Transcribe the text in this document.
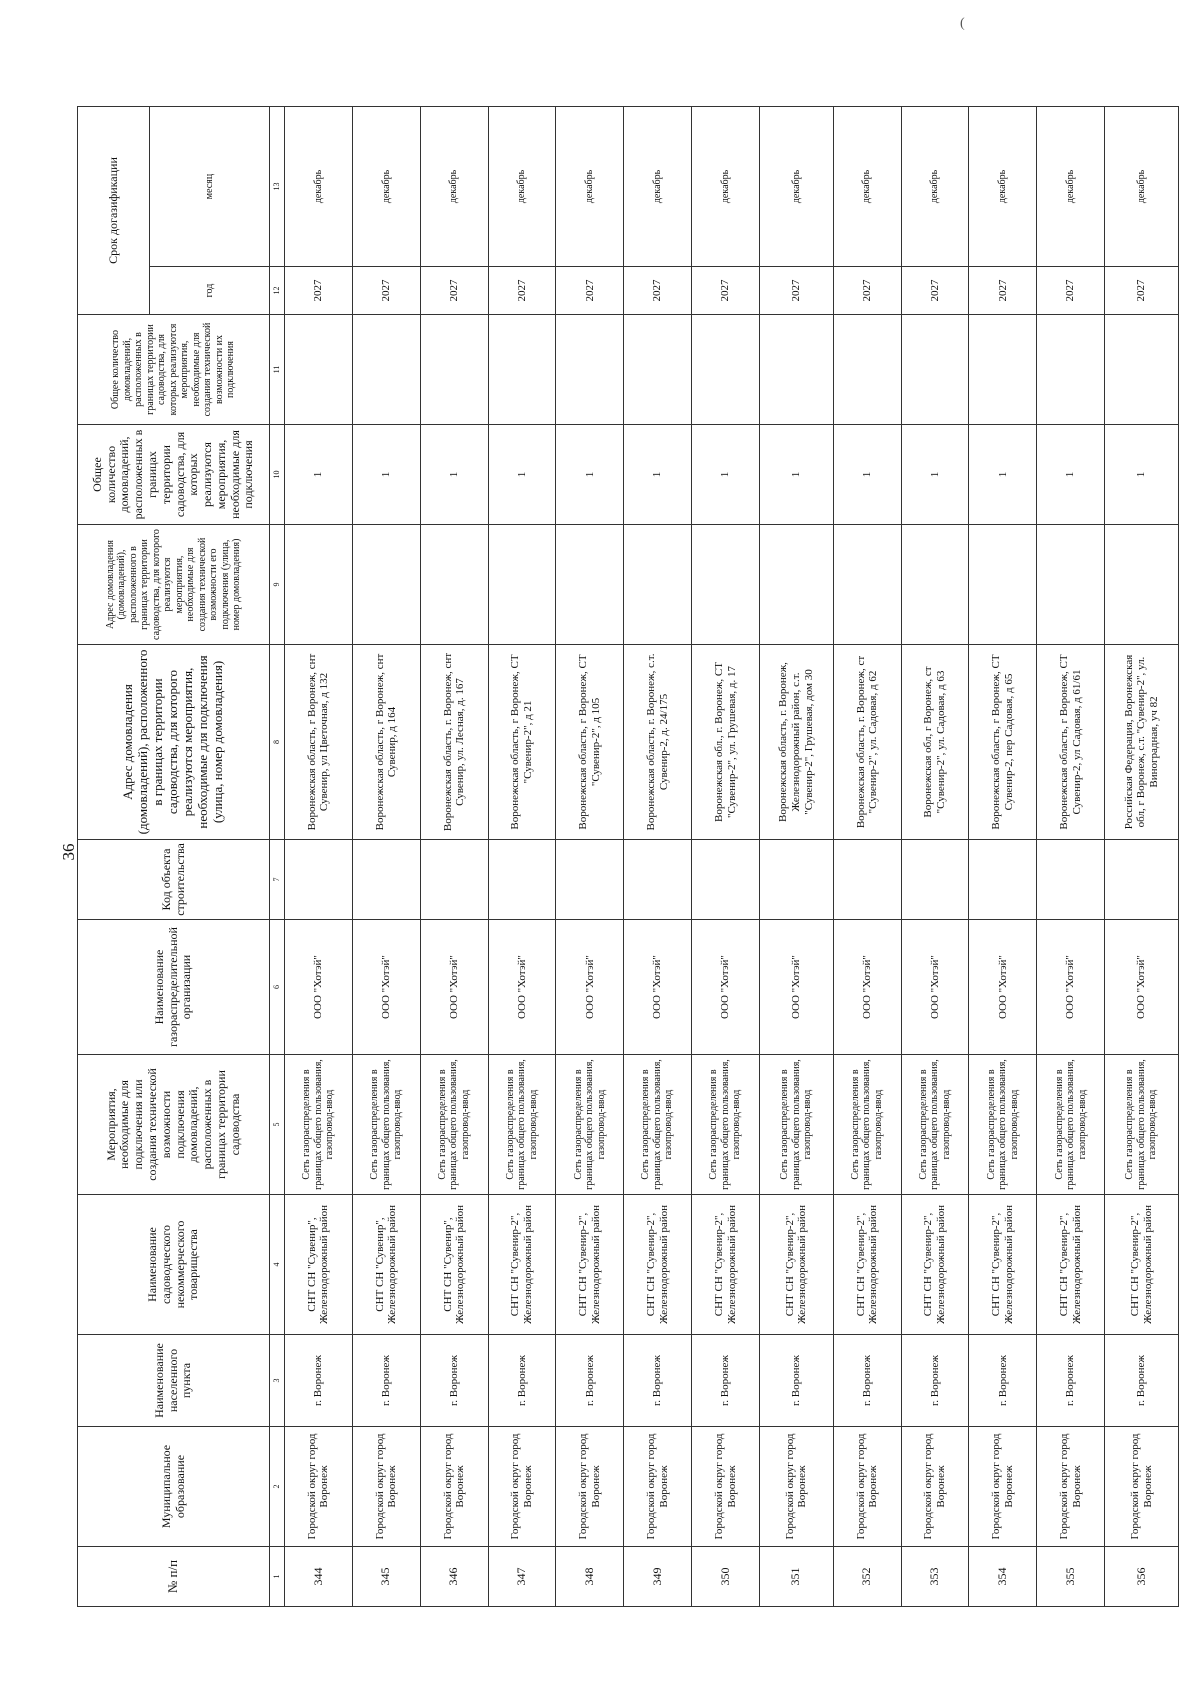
36
(
№ п/п	Муниципальное образование	Наименование населенного пункта	Наименование садоводческого некоммерческого товарищества	Мероприятия, необходимые для подключения или создания технической возможности подключения домовладений, расположенных в границах территории садоводства	Наименование газораспределительной организации	Код объекта строительства	Адрес домовладения (домовладений), расположенного в границах территории садоводства, для которого реализуются мероприятия, необходимые для подключения (улица, номер домовладения)	Адрес домовладения (домовладений), расположенного в границах территории садоводства, для которого реализуются мероприятия, необходимые для создания технической возможности его подключения (улица, номер домовладения)	Общее количество домовладений, расположенных в границах территории садоводства, для которых реализуются мероприятия, необходимые для подключения	Общее количество домовладений, расположенных в границах территории садоводства, для которых реализуются мероприятия, необходимые для создания технической возможности их подключения	Срок догазификации	
											год	месяц
1	2	3	4	5	6	7	8	9	10	11	12	13
344	Городской округ город Воронеж	г. Воронеж	СНТ СН "Сувенир", Железнодорожный район	Сеть газораспределения в границах общего пользования, газопровод-ввод	ООО "Хотэй"		Воронежская область, г Воронеж, снт Сувенир, ул Цветочная, д 132		1		2027	декабрь
345	Городской округ город Воронеж	г. Воронеж	СНТ СН "Сувенир", Железнодорожный район	Сеть газораспределения в границах общего пользования, газопровод-ввод	ООО "Хотэй"		Воронежская область, г Воронеж, снт Сувенир, д 164		1		2027	декабрь
346	Городской округ город Воронеж	г. Воронеж	СНТ СН "Сувенир", Железнодорожный район	Сеть газораспределения в границах общего пользования, газопровод-ввод	ООО "Хотэй"		Воронежская область, г. Воронеж, снт Сувенир, ул. Лесная, д. 167		1		2027	декабрь
347	Городской округ город Воронеж	г. Воронеж	СНТ СН "Сувенир-2", Железнодорожный район	Сеть газораспределения в границах общего пользования, газопровод-ввод	ООО "Хотэй"		Воронежская область, г Воронеж, СТ "Сувенир-2", д 21		1		2027	декабрь
348	Городской округ город Воронеж	г. Воронеж	СНТ СН "Сувенир-2", Железнодорожный район	Сеть газораспределения в границах общего пользования, газопровод-ввод	ООО "Хотэй"		Воронежская область, г Воронеж, СТ "Сувенир-2", д 105		1		2027	декабрь
349	Городской округ город Воронеж	г. Воронеж	СНТ СН "Сувенир-2", Железнодорожный район	Сеть газораспределения в границах общего пользования, газопровод-ввод	ООО "Хотэй"		Воронежская область, г. Воронеж, с.т. Сувенир-2, д. 24/175		1		2027	декабрь
350	Городской округ город Воронеж	г. Воронеж	СНТ СН "Сувенир-2", Железнодорожный район	Сеть газораспределения в границах общего пользования, газопровод-ввод	ООО "Хотэй"		Воронежская обл., г. Воронеж, СТ "Сувенир-2", ул. Грушевая, д. 17		1		2027	декабрь
351	Городской округ город Воронеж	г. Воронеж	СНТ СН "Сувенир-2", Железнодорожный район	Сеть газораспределения в границах общего пользования, газопровод-ввод	ООО "Хотэй"		Воронежская область, г. Воронеж, Железнодорожный район, с.т. "Сувенир-2", Грушевая, дом 30		1		2027	декабрь
352	Городской округ город Воронеж	г. Воронеж	СНТ СН "Сувенир-2", Железнодорожный район	Сеть газораспределения в границах общего пользования, газопровод-ввод	ООО "Хотэй"		Воронежская область, г. Воронеж, ст "Сувенир-2", ул. Садовая, д 62		1		2027	декабрь
353	Городской округ город Воронеж	г. Воронеж	СНТ СН "Сувенир-2", Железнодорожный район	Сеть газораспределения в границах общего пользования, газопровод-ввод	ООО "Хотэй"		Воронежская обл, г Воронеж, ст "Сувенир-2", ул. Садовая, д 63		1		2027	декабрь
354	Городской округ город Воронеж	г. Воронеж	СНТ СН "Сувенир-2", Железнодорожный район	Сеть газораспределения в границах общего пользования, газопровод-ввод	ООО "Хотэй"		Воронежская область, г Воронеж, СТ Сувенир-2, пер Садовая, д 65		1		2027	декабрь
355	Городской округ город Воронеж	г. Воронеж	СНТ СН "Сувенир-2", Железнодорожный район	Сеть газораспределения в границах общего пользования, газопровод-ввод	ООО "Хотэй"		Воронежская область, г Воронеж, СТ Сувенир-2, ул Садовая, д 61/61		1		2027	декабрь
356	Городской округ город Воронеж	г. Воронеж	СНТ СН "Сувенир-2", Железнодорожный район	Сеть газораспределения в границах общего пользования, газопровод-ввод	ООО "Хотэй"		Российская Федерация, Воронежская обл, г Воронеж, с.т. "Сувенир-2", ул. Виноградная, уч 82		1		2027	декабрь
